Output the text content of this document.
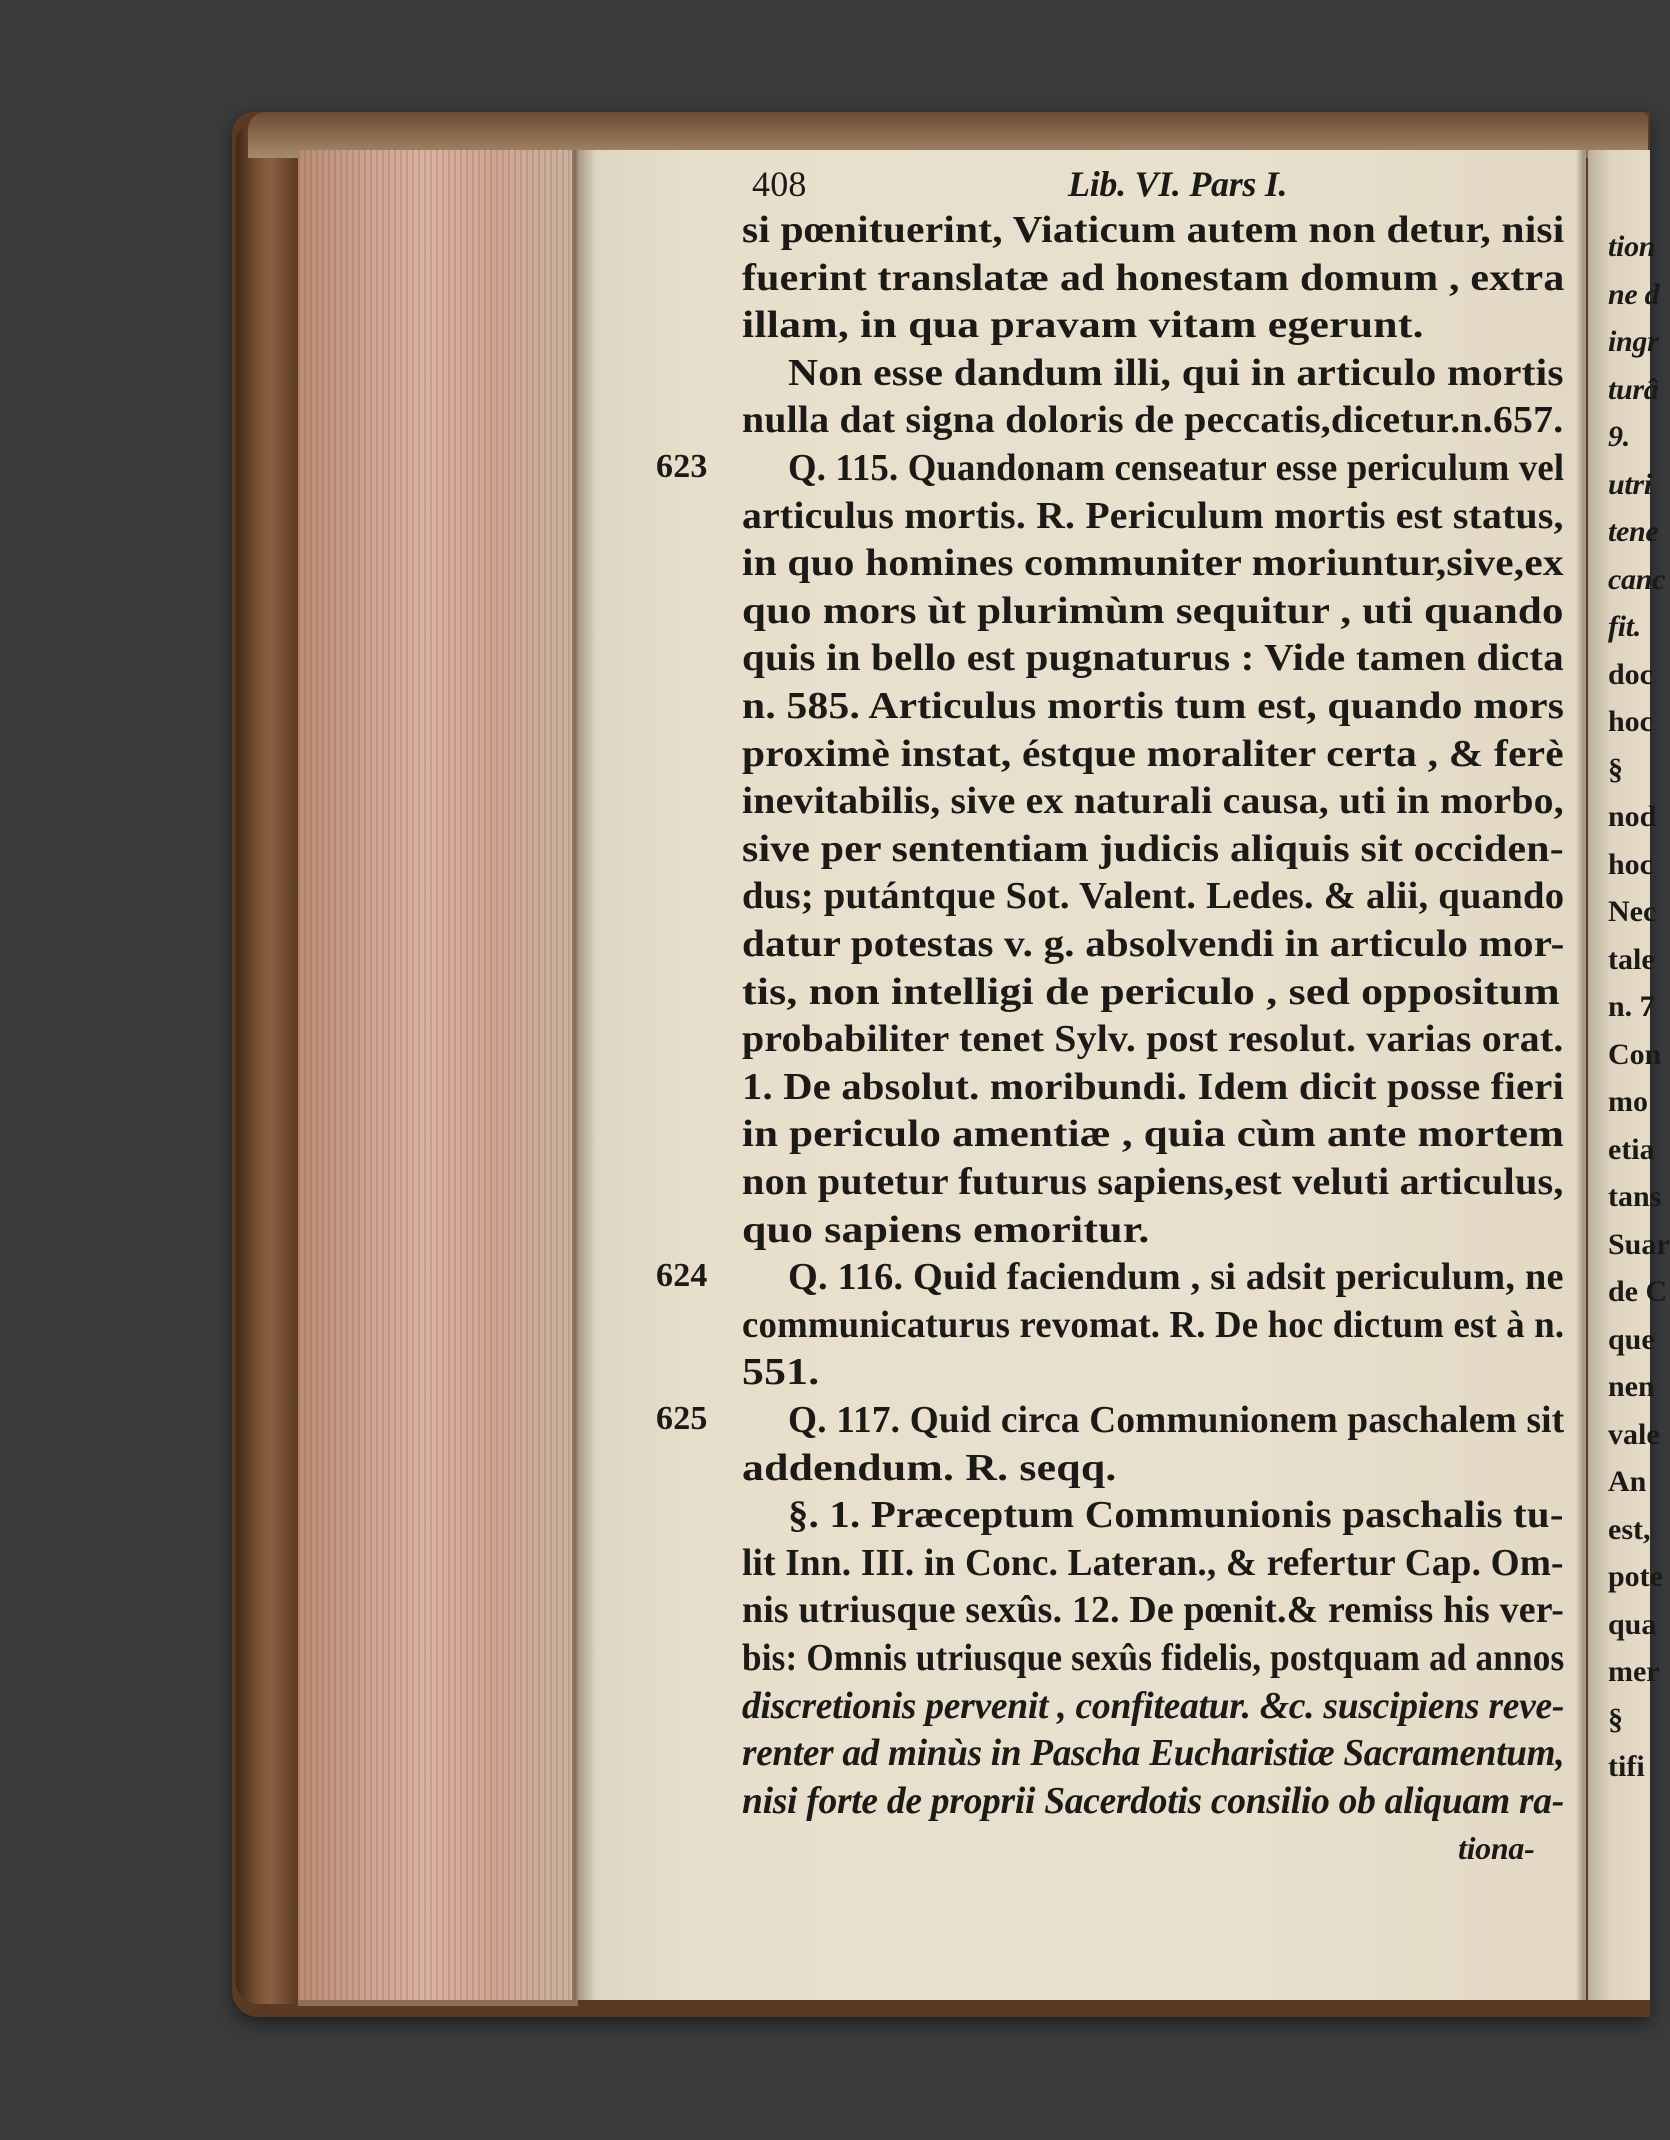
408	Lib. VI. Pars I.
si pœnituerint, Viaticum autem non detur, nisi
fuerint translatæ ad honestam domum , extra
illam, in qua pravam vitam egerunt.
Non esse dandum illi, qui in articulo mortis
nulla dat signa doloris de peccatis,dicetur.n.657.
Q. 115. Quandonam censeatur esse periculum vel
623
articulus mortis. R. Periculum mortis est status,
in quo homines communiter moriuntur,sive,ex
quo mors ùt plurimùm sequitur , uti quando
quis in bello est pugnaturus : Vide tamen dicta
n. 585. Articulus mortis tum est, quando mors
proximè instat, éstque moraliter certa , & ferè
inevitabilis, sive ex naturali causa, uti in morbo,
sive per sententiam judicis aliquis sit occiden-
dus; putántque Sot. Valent. Ledes. & alii, quando
datur potestas v. g. absolvendi in articulo mor-
tis, non intelligi de periculo , sed oppositum
probabiliter tenet Sylv. post resolut. varias orat.
1. De absolut. moribundi. Idem dicit posse fieri
in periculo amentiæ , quia cùm ante mortem
non putetur futurus sapiens,est veluti articulus,
quo sapiens emoritur.
Q. 116. Quid faciendum , si adsit periculum, ne
624
communicaturus revomat. R. De hoc dictum est à n.
551.
Q. 117. Quid circa Communionem paschalem sit
625
addendum. R. seqq.
§. 1. Præceptum Communionis paschalis tu-
lit Inn. III. in Conc. Lateran., & refertur Cap. Om-
nis utriusque sexûs. 12. De pœnit.& remiss his ver-
bis: Omnis utriusque sexûs fidelis, postquam ad annos
discretionis pervenit , confiteatur. &c. suscipiens reve-
renter ad minùs in Pascha Eucharistiæ Sacramentum,
nisi forte de proprii Sacerdotis consilio ob aliquam ra-
tiona-
tion
ne d
ingr
turâ
9.
utri
tene
canc
fit.
doc
hoc
§
nod
hoc
Nec
tale
n. 7
Con
mo
etia
tans
Suar
de C
que
nen
vale
An
est,
pote
qua
mer
§
tifi
